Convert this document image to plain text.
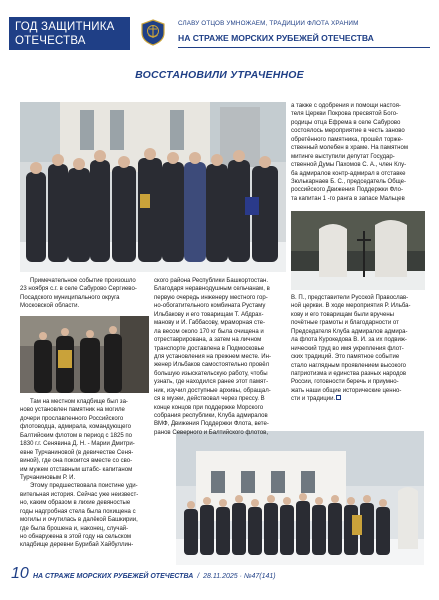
ГОД ЗАЩИТНИКА
ОТЕЧЕСТВА
СЛАВУ ОТЦОВ УМНОЖАЕМ, ТРАДИЦИИ ФЛОТА ХРАНИМ
НА СТРАЖЕ МОРСКИХ РУБЕЖЕЙ ОТЕЧЕСТВА
ВОССТАНОВИЛИ УТРАЧЕННОЕ
Примечательное событие произошло
23 ноября с.г. в селе Сабурово Сергиево-
Посадского муниципального округа
Московской области.
Там на местном кладбище был за-
ново установлен памятник на могиле
дочери прославленного Российского
флотоводца, адмирала, командующего
Балтийским флотом в период с 1825 по
1830 г.г. Сенявина Д. Н. - Марии Дмитри-
евне Турчаниновой (в девичестве Сеня-
виной), где она покоится вместе со сво-
им мужем отставным штабс- капитаном
Турчаниновым Р. И.
Этому предшествовала поистине уди-
вительная история. Сейчас уже неизвест-
но, каким образом в лихие девяностые
годы надгробная стела была похищена с
могилы и очутилась в далёкой Башкирии,
где была брошена и, наконец, случай-
но обнаружена в этой году на сельском
кладбище деревни Бурибай Хайбуллин-
ского района Республики Башкортостан.
Благодаря неравнодушным сельчанам, в
первую очередь инженеру местного гор-
но-обогатительного комбината Рустаму
Ильбакову и его товарищам Т. Абдрах-
манову и И. Габбасову, мраморная сте-
ла весом около 170 кг была очищена и
отреставрирована, а затем на личном
транспорте доставлена в Подмосковье
для установления на прежнем месте. Ин-
женер Ильбаков самостоятельно провёл
большую изыскательскую работу, чтобы
узнать, где находился ранее этот памят-
ник, изучил доступные архивы, обращал-
ся в музеи, действовал через прессу. В
конце концов при поддержке Морского
собрания республики, Клуба адмиралов
ВМФ, Движения Поддержки Флота, вете-
ранов Северного и Балтийского флотов,
а также с одобрения и помощи настоя-
теля Церкви Покрова пресвятой Бого-
родицы отца Ефрема в селе Сабурово
состоялось мероприятие в честь заново
обретённого памятника, прошёл торже-
ственный молебен в храме. На памятном
митинге выступили депутат Государ-
ственной Думы Пахомов С. А., член Клу-
ба адмиралов контр-адмирал в отставке
Зюлькарнаев Б. С., председатель Обще-
российского Движения Поддержки Фло-
та капитан 1 -го ранга в запасе Мальцев
В. П., представители Русской Православ-
ной церкви. В ходе мероприятия Р. Ильба-
кову и его товарищам были вручены
почётные грамоты и благодарности от
Председателя Клуба адмиралов адмира-
ла флота Курокедова В. И. за их подвиж-
нический труд во имя укрепления флот-
ских традиций. Это памятное событие
стало наглядным проявлением высокого
патриотизма и единства разных народов
России, готовности беречь и приумно-
жать наши общие исторические ценно-
сти и традиции.
10 НА СТРАЖЕ МОРСКИХ РУБЕЖЕЙ ОТЕЧЕСТВА / 28.11.2025 · №47(141)
